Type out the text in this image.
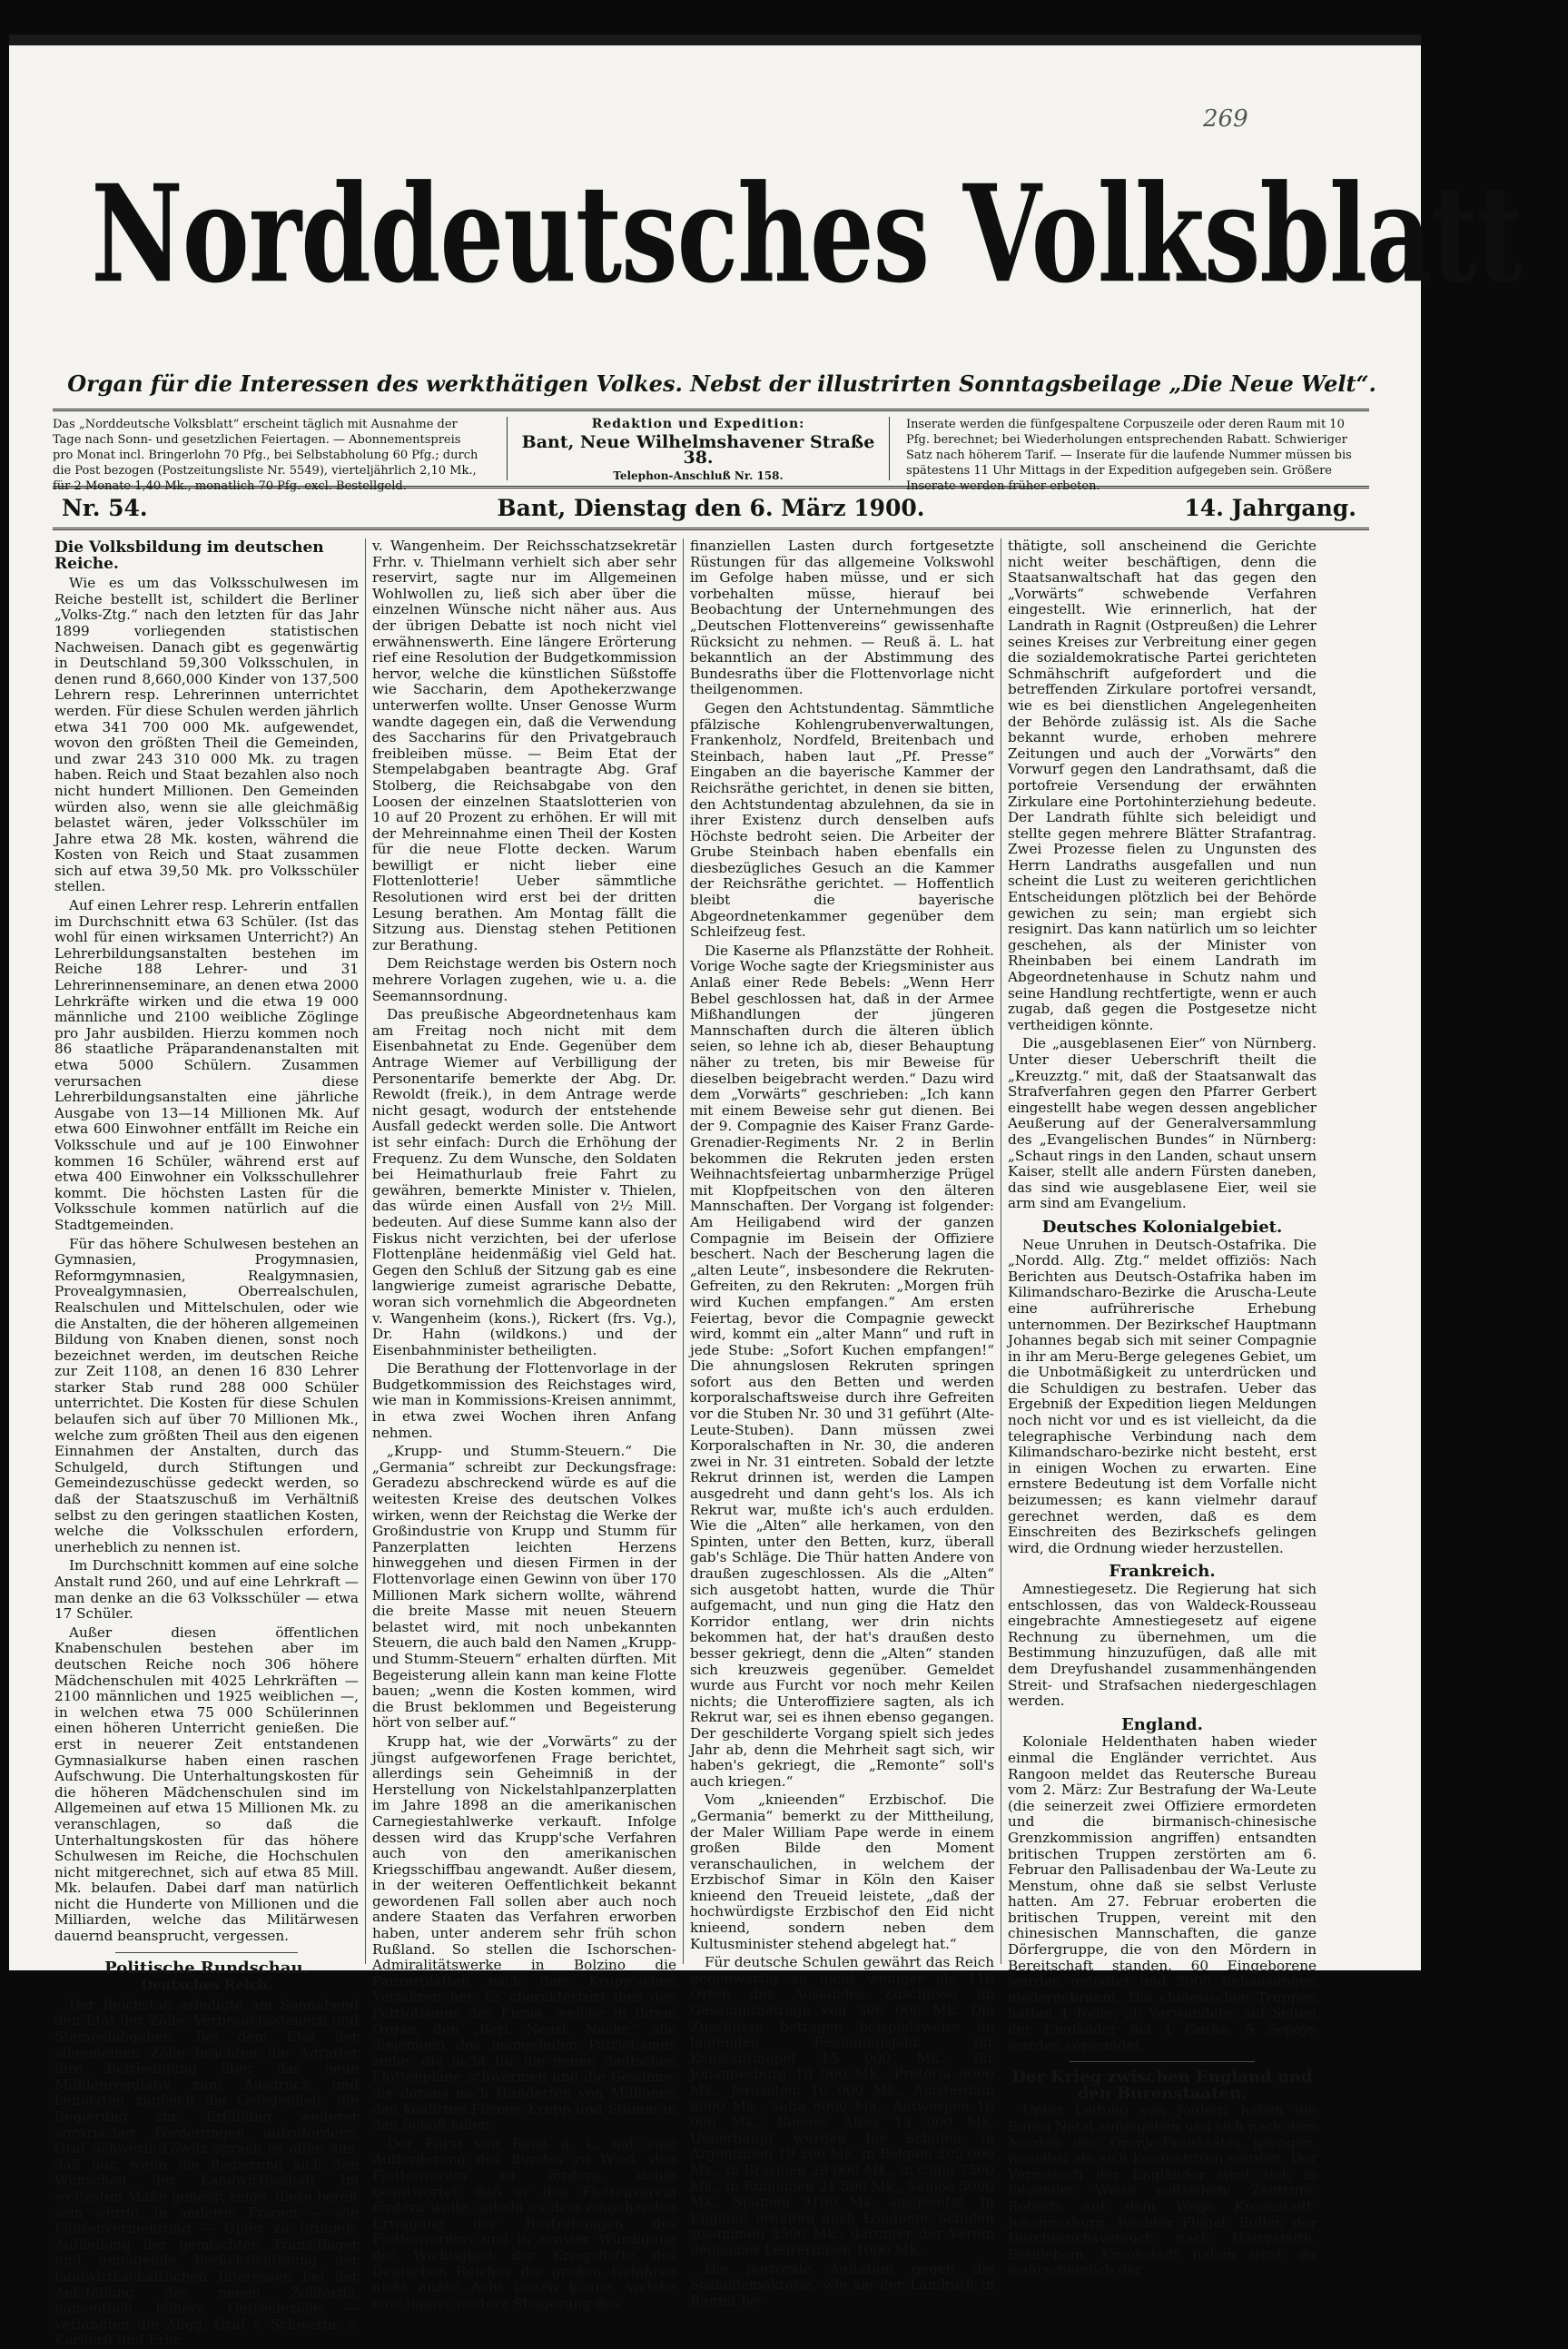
269
Norddeutsches Volksblatt
Organ für die Interessen des werkthätigen Volkes. Nebst der illustrirten Sonntagsbeilage „Die Neue Welt“.
Das „Norddeutsche Volksblatt“ erscheint täglich mit Ausnahme der Tage nach Sonn- und gesetzlichen Feiertagen. — Abonnementspreis pro Monat incl. Bringerlohn 70 Pfg., bei Selbstabholung 60 Pfg.; durch die Post bezogen (Postzeitungsliste Nr. 5549), vierteljährlich 2,10 Mk., für 2 Monate 1,40 Mk., monatlich 70 Pfg. excl. Bestellgeld.
Redaktion und Expedition:
Bant, Neue Wilhelmshavener Straße 38.
Telephon-Anschluß Nr. 158.
Inserate werden die fünfgespaltene Corpuszeile oder deren Raum mit 10 Pfg. berechnet; bei Wiederholungen entsprechenden Rabatt. Schwieriger Satz nach höherem Tarif. — Inserate für die laufende Nummer müssen bis spätestens 11 Uhr Mittags in der Expedition aufgegeben sein. Größere Inserate werden früher erbeten.
Nr. 54.	Bant, Dienstag den 6. März 1900.	14. Jahrgang.
Die Volksbildung im deutschen Reiche.

Wie es um das Volksschulwesen im Reiche bestellt ist, schildert die Berliner „Volks-Ztg.“ nach den letzten für das Jahr 1899 vorliegenden statistischen Nachweisen. Danach gibt es gegenwärtig in Deutschland 59,300 Volksschulen, in denen rund 8,660,000 Kinder von 137,500 Lehrern resp. Lehrerinnen unterrichtet werden. Für diese Schulen werden jährlich etwa 341 700 000 Mk. aufgewendet, wovon den größten Theil die Gemeinden, und zwar 243 310 000 Mk. zu tragen haben. Reich und Staat bezahlen also noch nicht hundert Millionen. Den Gemeinden würden also, wenn sie alle gleichmäßig belastet wären, jeder Volksschüler im Jahre etwa 28 Mk. kosten, während die Kosten von Reich und Staat zusammen sich auf etwa 39,50 Mk. pro Volksschüler stellen.

Auf einen Lehrer resp. Lehrerin entfallen im Durchschnitt etwa 63 Schüler. (Ist das wohl für einen wirksamen Unterricht?) An Lehrerbildungsanstalten bestehen im Reiche 188 Lehrer- und 31 Lehrerinnenseminare, an denen etwa 2000 Lehrkräfte wirken und die etwa 19 000 männliche und 2100 weibliche Zöglinge pro Jahr ausbilden. Hierzu kommen noch 86 staatliche Präparandenanstalten mit etwa 5000 Schülern. Zusammen verursachen diese Lehrerbildungsanstalten eine jährliche Ausgabe von 13—14 Millionen Mk. Auf etwa 600 Einwohner entfällt im Reiche ein Volksschule und auf je 100 Einwohner kommen 16 Schüler, während erst auf etwa 400 Einwohner ein Volksschullehrer kommt. Die höchsten Lasten für die Volksschule kommen natürlich auf die Stadtgemeinden.

Für das höhere Schulwesen bestehen an Gymnasien, Progymnasien, Reformgymnasien, Realgymnasien, Provealgymnasien, Oberrealschulen, Realschulen und Mittelschulen, oder wie die Anstalten, die der höheren allgemeinen Bildung von Knaben dienen, sonst noch bezeichnet werden, im deutschen Reiche zur Zeit 1108, an denen 16 830 Lehrer starker Stab rund 288 000 Schüler unterrichtet. Die Kosten für diese Schulen belaufen sich auf über 70 Millionen Mk., welche zum größten Theil aus den eigenen Einnahmen der Anstalten, durch das Schulgeld, durch Stiftungen und Gemeindezuschüsse gedeckt werden, so daß der Staatszuschuß im Verhältniß selbst zu den geringen staatlichen Kosten, welche die Volksschulen erfordern, unerheblich zu nennen ist.

Im Durchschnitt kommen auf eine solche Anstalt rund 260, und auf eine Lehrkraft — man denke an die 63 Volksschüler — etwa 17 Schüler.

Außer diesen öffentlichen Knabenschulen bestehen aber im deutschen Reiche noch 306 höhere Mädchenschulen mit 4025 Lehrkräften — 2100 männlichen und 1925 weiblichen —, in welchen etwa 75 000 Schülerinnen einen höheren Unterricht genießen. Die erst in neuerer Zeit entstandenen Gymnasialkurse haben einen raschen Aufschwung. Die Unterhaltungskosten für die höheren Mädchenschulen sind im Allgemeinen auf etwa 15 Millionen Mk. zu veranschlagen, so daß die Unterhaltungskosten für das höhere Schulwesen im Reiche, die Hochschulen nicht mitgerechnet, sich auf etwa 85 Mill. Mk. belaufen. Dabei darf man natürlich nicht die Hunderte von Millionen und die Milliarden, welche das Militärwesen dauernd beansprucht, vergessen.

Politische Rundschau.
Deutsches Reich.

Der Reichstag erledigte am Sonnabend den Etat der Zölle, Verbrauchssteuern und Stempelabgaben. Bei dem Etat der allgemeinen Zölle brachten die Agrarier ihre Befriedigung über das neue Mühlenregulativ zum Ausdruck und benutzten zugleich die Gelegenheit, die Regierung zur Erfüllung weiterer agrarischer Forderungen aufzufordern. Graf Schwerin-Löwitz sprach es offen aus, daß nur, wenn die Regierung sich den Wünschen der Landwirthschaft im weitesten Maße geneigt zeige, diese bereit sein würde, in anderen Fragen — wie Flottenvermehrung — Opfer zu bringen. Aufhebung der gemischten Transitlager und genügende Berücksichtigung der landwirthschaftlichen Interessen bei der Aufstellung des neuen Zolltarifs, namentlich höhere Getreidezölle — verlangten die Abgg. Graf v. Schwerin, v. Kardorff und Frhr.

v. Wangenheim. Der Reichsschatzsekretär Frhr. v. Thielmann verhielt sich aber sehr reservirt, sagte nur im Allgemeinen Wohlwollen zu, ließ sich aber über die einzelnen Wünsche nicht näher aus. Aus der übrigen Debatte ist noch nicht viel erwähnenswerth. Eine längere Erörterung rief eine Resolution der Budgetkommission hervor, welche die künstlichen Süßstoffe wie Saccharin, dem Apothekerzwange unterwerfen wollte. Unser Genosse Wurm wandte dagegen ein, daß die Verwendung des Saccharins für den Privatgebrauch freibleiben müsse. — Beim Etat der Stempelabgaben beantragte Abg. Graf Stolberg, die Reichsabgabe von den Loosen der einzelnen Staatslotterien von 10 auf 20 Prozent zu erhöhen. Er will mit der Mehreinnahme einen Theil der Kosten für die neue Flotte decken. Warum bewilligt er nicht lieber eine Flottenlotterie! Ueber sämmtliche Resolutionen wird erst bei der dritten Lesung berathen. Am Montag fällt die Sitzung aus. Dienstag stehen Petitionen zur Berathung.

Dem Reichstage werden bis Ostern noch mehrere Vorlagen zugehen, wie u. a. die Seemannsordnung.

Das preußische Abgeordnetenhaus kam am Freitag noch nicht mit dem Eisenbahnetat zu Ende. Gegenüber dem Antrage Wiemer auf Verbilligung der Personentarife bemerkte der Abg. Dr. Rewoldt (freik.), in dem Antrage werde nicht gesagt, wodurch der entstehende Ausfall gedeckt werden solle. Die Antwort ist sehr einfach: Durch die Erhöhung der Frequenz. Zu dem Wunsche, den Soldaten bei Heimathurlaub freie Fahrt zu gewähren, bemerkte Minister v. Thielen, das würde einen Ausfall von 2½ Mill. bedeuten. Auf diese Summe kann also der Fiskus nicht verzichten, bei der uferlose Flottenpläne heidenmäßig viel Geld hat. Gegen den Schluß der Sitzung gab es eine langwierige zumeist agrarische Debatte, woran sich vornehmlich die Abgeordneten v. Wangenheim (kons.), Rickert (frs. Vg.), Dr. Hahn (wildkons.) und der Eisenbahnminister betheiligten.

Die Berathung der Flottenvorlage in der Budgetkommission des Reichstages wird, wie man in Kommissions-Kreisen annimmt, in etwa zwei Wochen ihren Anfang nehmen.

„Krupp- und Stumm-Steuern.“ Die „Germania“ schreibt zur Deckungsfrage: Geradezu abschreckend würde es auf die weitesten Kreise des deutschen Volkes wirken, wenn der Reichstag die Werke der Großindustrie von Krupp und Stumm für Panzerplatten leichten Herzens hinweggehen und diesen Firmen in der Flottenvorlage einen Gewinn von über 170 Millionen Mark sichern wollte, während die breite Masse mit neuen Steuern belastet wird, mit noch unbekannten Steuern, die auch bald den Namen „Krupp- und Stumm-Steuern“ erhalten dürften. Mit Begeisterung allein kann man keine Flotte bauen; „wenn die Kosten kommen, wird die Brust beklommen und Begeisterung hört von selber auf.“

Krupp hat, wie der „Vorwärts“ zu der jüngst aufgeworfenen Frage berichtet, allerdings sein Geheimniß in der Herstellung von Nickelstahlpanzerplatten im Jahre 1898 an die amerikanischen Carnegiestahlwerke verkauft. Infolge dessen wird das Krupp'sche Verfahren auch von den amerikanischen Kriegsschiffbau angewandt. Außer diesem, in der weiteren Oeffentlichkeit bekannt gewordenen Fall sollen aber auch noch andere Staaten das Verfahren erworben haben, unter anderem sehr früh schon Rußland. So stellen die Ischorschen-Admiralitätswerke in Bolzino die Panzerplatten nach dem Krupp'schen Verfahren her. Es charakterisirt dies den Patriotismus der Firma, welche in ihrem Organ, den „Berl. Neust. Nachr.“ alle diejenigen des mangelnden Patriotismus zeihe, die nicht für die neuen deutschen Flottenpläne schwärmen und die Gewinne, die daraus nach Hunderten von Millionen den koalirten Firmen Krupp und Stumm in den Schoß fallen.

Der Fürst von Reuß ä. L. hat eine Aufforderung des Bundes zu Wied, den Flottenverein zu fördern, dahin beantwortet, daß er den Flottenverein fördern wolle, sobald es dem eingehenden Erwägung der Bestrebungen des Flottenvereins und in ernster Würdigung der Wichtigkeit der Kriegsflotte des Deutschen Reiches die großen Gefahren nicht außer Acht lassen könne, welche eine immer weitere Steigerung des

finanziellen Lasten durch fortgesetzte Rüstungen für das allgemeine Volkswohl im Gefolge haben müsse, und er sich vorbehalten müsse, hierauf bei Beobachtung der Unternehmungen des „Deutschen Flottenvereins“ gewissenhafte Rücksicht zu nehmen. — Reuß ä. L. hat bekanntlich an der Abstimmung des Bundesraths über die Flottenvorlage nicht theilgenommen.

Gegen den Achtstundentag. Sämmtliche pfälzische Kohlengrubenverwaltungen, Frankenholz, Nordfeld, Breitenbach und Steinbach, haben laut „Pf. Presse“ Eingaben an die bayerische Kammer der Reichsräthe gerichtet, in denen sie bitten, den Achtstundentag abzulehnen, da sie in ihrer Existenz durch denselben aufs Höchste bedroht seien. Die Arbeiter der Grube Steinbach haben ebenfalls ein diesbezügliches Gesuch an die Kammer der Reichsräthe gerichtet. — Hoffentlich bleibt die bayerische Abgeordnetenkammer gegenüber dem Schleifzeug fest.

Die Kaserne als Pflanzstätte der Rohheit. Vorige Woche sagte der Kriegsminister aus Anlaß einer Rede Bebels: „Wenn Herr Bebel geschlossen hat, daß in der Armee Mißhandlungen der jüngeren Mannschaften durch die älteren üblich seien, so lehne ich ab, dieser Behauptung näher zu treten, bis mir Beweise für dieselben beigebracht werden.“ Dazu wird dem „Vorwärts“ geschrieben: „Ich kann mit einem Beweise sehr gut dienen. Bei der 9. Compagnie des Kaiser Franz Garde-Grenadier-Regiments Nr. 2 in Berlin bekommen die Rekruten jeden ersten Weihnachtsfeiertag unbarmherzige Prügel mit Klopfpeitschen von den älteren Mannschaften. Der Vorgang ist folgender: Am Heiligabend wird der ganzen Compagnie im Beisein der Offiziere beschert. Nach der Bescherung lagen die „alten Leute“, insbesondere die Rekruten-Gefreiten, zu den Rekruten: „Morgen früh wird Kuchen empfangen.“ Am ersten Feiertag, bevor die Compagnie geweckt wird, kommt ein „alter Mann“ und ruft in jede Stube: „Sofort Kuchen empfangen!“ Die ahnungslosen Rekruten springen sofort aus den Betten und werden korporalschaftsweise durch ihre Gefreiten vor die Stuben Nr. 30 und 31 geführt (Alte-Leute-Stuben). Dann müssen zwei Korporalschaften in Nr. 30, die anderen zwei in Nr. 31 eintreten. Sobald der letzte Rekrut drinnen ist, werden die Lampen ausgedreht und dann geht's los. Als ich Rekrut war, mußte ich's auch erdulden. Wie die „Alten“ alle herkamen, von den Spinten, unter den Betten, kurz, überall gab's Schläge. Die Thür hatten Andere von draußen zugeschlossen. Als die „Alten“ sich ausgetobt hatten, wurde die Thür aufgemacht, und nun ging die Hatz den Korridor entlang, wer drin nichts bekommen hat, der hat's draußen desto besser gekriegt, denn die „Alten“ standen sich kreuzweis gegenüber. Gemeldet wurde aus Furcht vor noch mehr Keilen nichts; die Unteroffiziere sagten, als ich Rekrut war, sei es ihnen ebenso gegangen. Der geschilderte Vorgang spielt sich jedes Jahr ab, denn die Mehrheit sagt sich, wir haben's gekriegt, die „Remonte“ soll's auch kriegen.“

Vom „knieenden“ Erzbischof. Die „Germania“ bemerkt zu der Mittheilung, der Maler William Pape werde in einem großen Bilde den Moment veranschaulichen, in welchem der Erzbischof Simar in Köln den Kaiser knieend den Treueid leistete, „daß der hochwürdigste Erzbischof den Eid nicht knieend, sondern neben dem Kultusminister stehend abgelegt hat.“

Für deutsche Schulen gewährt das Reich gegenwärtig an nicht weniger als 110 Orten des Auslandes Zuschüsse im Gesammtbetrage von 300 000 Mk. Die Zuschüsse betragen beispielsweise im laufenden Rechnungsjahr für Konstantinopel 15 000 Mk., für Johannesburg 10 000 Mk., Pretoria 6000 Mk., Jerusalem 16 000 Mk., Amsterdam 8000 Mk., Sofia 6000 Mk., Antwerpen 10 000 Mk., Buenos Aires 13 000 Mk. Ueberhaupt wurden für Schulen in Argentinien 19 200 Mk. in Belgien 205 000 Mk., in Brasilien 29 000 Mk., in Chile 7500 Mk., in Rumänien 21 500 Mk., Samoa 5000 Mk., Spanien 9100 Mk. ausgesetzt. In England erhalten auch Londoner Schulen zusammen 8500 Mk., darunter der Verein deutscher Lehrerinnen 1000 Mk.

Die portorale Agitation gegen die Sozialdemokratie, wie sie der Landrath in Ragnit be-

thätigte, soll anscheinend die Gerichte nicht weiter beschäftigen, denn die Staatsanwaltschaft hat das gegen den „Vorwärts“ schwebende Verfahren eingestellt. Wie erinnerlich, hat der Landrath in Ragnit (Ostpreußen) die Lehrer seines Kreises zur Verbreitung einer gegen die sozialdemokratische Partei gerichteten Schmähschrift aufgefordert und die betreffenden Zirkulare portofrei versandt, wie es bei dienstlichen Angelegenheiten der Behörde zulässig ist. Als die Sache bekannt wurde, erhoben mehrere Zeitungen und auch der „Vorwärts“ den Vorwurf gegen den Landrathsamt, daß die portofreie Versendung der erwähnten Zirkulare eine Portohinterziehung bedeute. Der Landrath fühlte sich beleidigt und stellte gegen mehrere Blätter Strafantrag. Zwei Prozesse fielen zu Ungunsten des Herrn Landraths ausgefallen und nun scheint die Lust zu weiteren gerichtlichen Entscheidungen plötzlich bei der Behörde gewichen zu sein; man ergiebt sich resignirt. Das kann natürlich um so leichter geschehen, als der Minister von Rheinbaben bei einem Landrath im Abgeordnetenhause in Schutz nahm und seine Handlung rechtfertigte, wenn er auch zugab, daß gegen die Postgesetze nicht vertheidigen könnte.

Die „ausgeblasenen Eier“ von Nürnberg. Unter dieser Ueberschrift theilt die „Kreuzztg.“ mit, daß der Staatsanwalt das Strafverfahren gegen den Pfarrer Gerbert eingestellt habe wegen dessen angeblicher Aeußerung auf der Generalversammlung des „Evangelischen Bundes“ in Nürnberg: „Schaut rings in den Landen, schaut unsern Kaiser, stellt alle andern Fürsten daneben, das sind wie ausgeblasene Eier, weil sie arm sind am Evangelium.

Deutsches Kolonialgebiet.

Neue Unruhen in Deutsch-Ostafrika. Die „Nordd. Allg. Ztg.“ meldet offiziös: Nach Berichten aus Deutsch-Ostafrika haben im Kilimandscharo-Bezirke die Aruscha-Leute eine aufrührerische Erhebung unternommen. Der Bezirkschef Hauptmann Johannes begab sich mit seiner Compagnie in ihr am Meru-Berge gelegenes Gebiet, um die Unbotmäßigkeit zu unterdrücken und die Schuldigen zu bestrafen. Ueber das Ergebniß der Expedition liegen Meldungen noch nicht vor und es ist vielleicht, da die telegraphische Verbindung nach dem Kilimandscharo-bezirke nicht besteht, erst in einigen Wochen zu erwarten. Eine ernstere Bedeutung ist dem Vorfalle nicht beizumessen; es kann vielmehr darauf gerechnet werden, daß es dem Einschreiten des Bezirkschefs gelingen wird, die Ordnung wieder herzustellen.

Frankreich.

Amnestiegesetz. Die Regierung hat sich entschlossen, das von Waldeck-Rousseau eingebrachte Amnestiegesetz auf eigene Rechnung zu übernehmen, um die Bestimmung hinzuzufügen, daß alle mit dem Dreyfushandel zusammenhängenden Streit- und Strafsachen niedergeschlagen werden.

England.

Koloniale Heldenthaten haben wieder einmal die Engländer verrichtet. Aus Rangoon meldet das Reutersche Bureau vom 2. März: Zur Bestrafung der Wa-Leute (die seinerzeit zwei Offiziere ermordeten und die birmanisch-chinesische Grenzkommission angriffen) entsandten britischen Truppen zerstörten am 6. Februar den Pallisadenbau der Wa-Leute zu Menstum, ohne daß sie selbst Verluste hatten. Am 27. Februar eroberten die britischen Truppen, vereint mit den chinesischen Mannschaften, die ganze Dörfergruppe, die von den Mördern in Bereitschaft standen. 60 Eingeborene wurden getödtet und 2000 Behausungen niedergebrannt. Die chinesischen Truppen hatten 4 Todte, 20 Verwundete; auf Seiten der Engländer fiel 1 Gurka, 5 Sepoys wurden verwundet.

Der Krieg zwischen England und den Burenstaaten.

Unter Leitung von Joubert haben die Buren Natal aufgegeben und sich nach dem Norden des Oranje-Freistaates gezogen, woselbst sie sich konzentriren werden. Der Vormarsch der Engländer wird sich in folgender Weise vollziehen: Zentrum: Roberts auf dem Wege Kroonstadt-Johannesburg. Rechter Flügel: Buller, der Durchbruchsversuch nach Harrysmith, Bethlehem, Kroonstadt nahen wird, da wahrscheinlich der
